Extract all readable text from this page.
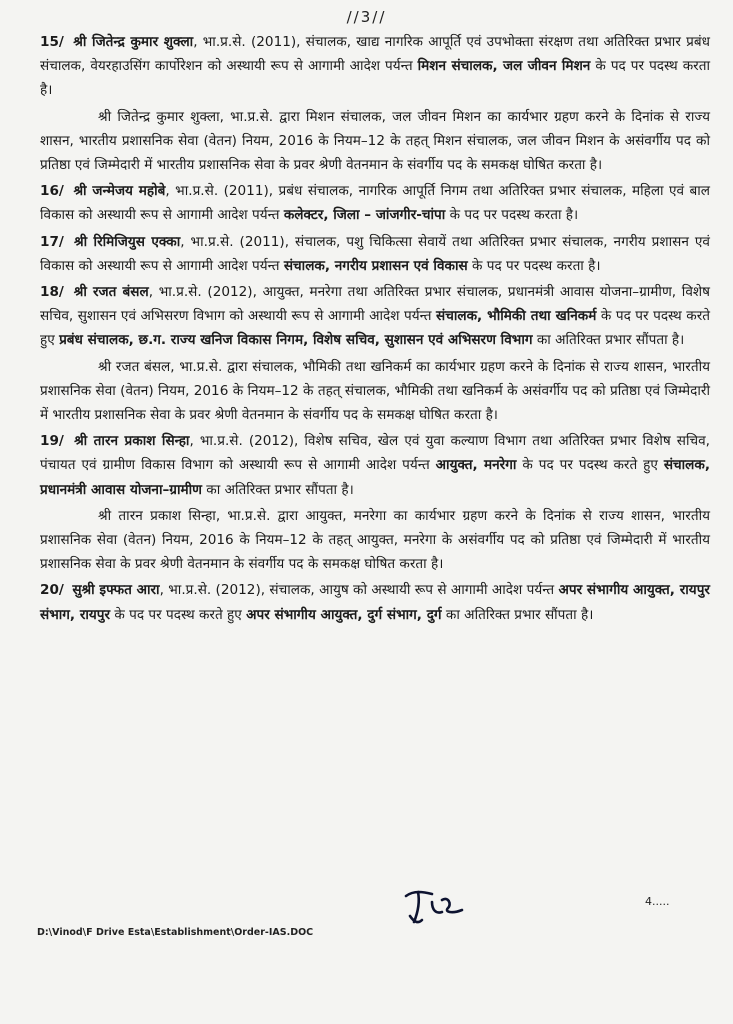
//3//

15/ श्री जितेन्द्र कुमार शुक्ला, भा.प्र.से. (2011), संचालक, खाद्य नागरिक आपूर्ति एवं उपभोक्ता संरक्षण तथा अतिरिक्त प्रभार प्रबंध संचालक, वेयरहाउसिंग कार्पोरेशन को अस्थायी रूप से आगामी आदेश पर्यन्त मिशन संचालक, जल जीवन मिशन के पद पर पदस्थ करता है।

श्री जितेन्द्र कुमार शुक्ला, भा.प्र.से. द्वारा मिशन संचालक, जल जीवन मिशन का कार्यभार ग्रहण करने के दिनांक से राज्य शासन, भारतीय प्रशासनिक सेवा (वेतन) नियम, 2016 के नियम–12 के तहत् मिशन संचालक, जल जीवन मिशन के असंवर्गीय पद को प्रतिष्ठा एवं जिम्मेदारी में भारतीय प्रशासनिक सेवा के प्रवर श्रेणी वेतनमान के संवर्गीय पद के समकक्ष घोषित करता है।

16/ श्री जन्मेजय महोबे, भा.प्र.से. (2011), प्रबंध संचालक, नागरिक आपूर्ति निगम तथा अतिरिक्त प्रभार संचालक, महिला एवं बाल विकास को अस्थायी रूप से आगामी आदेश पर्यन्त कलेक्टर, जिला – जांजगीर-चांपा के पद पर पदस्थ करता है।

17/ श्री रिमिजियुस एक्का, भा.प्र.से. (2011), संचालक, पशु चिकित्सा सेवायें तथा अतिरिक्त प्रभार संचालक, नगरीय प्रशासन एवं विकास को अस्थायी रूप से आगामी आदेश पर्यन्त संचालक, नगरीय प्रशासन एवं विकास के पद पर पदस्थ करता है।

18/ श्री रजत बंसल, भा.प्र.से. (2012), आयुक्त, मनरेगा तथा अतिरिक्त प्रभार संचालक, प्रधानमंत्री आवास योजना–ग्रामीण, विशेष सचिव, सुशासन एवं अभिसरण विभाग को अस्थायी रूप से आगामी आदेश पर्यन्त संचालक, भौमिकी तथा खनिकर्म के पद पर पदस्थ करते हुए प्रबंध संचालक, छ.ग. राज्य खनिज विकास निगम, विशेष सचिव, सुशासन एवं अभिसरण विभाग का अतिरिक्त प्रभार सौंपता है।

श्री रजत बंसल, भा.प्र.से. द्वारा संचालक, भौमिकी तथा खनिकर्म का कार्यभार ग्रहण करने के दिनांक से राज्य शासन, भारतीय प्रशासनिक सेवा (वेतन) नियम, 2016 के नियम–12 के तहत् संचालक, भौमिकी तथा खनिकर्म के असंवर्गीय पद को प्रतिष्ठा एवं जिम्मेदारी में भारतीय प्रशासनिक सेवा के प्रवर श्रेणी वेतनमान के संवर्गीय पद के समकक्ष घोषित करता है।

19/ श्री तारन प्रकाश सिन्हा, भा.प्र.से. (2012), विशेष सचिव, खेल एवं युवा कल्याण विभाग तथा अतिरिक्त प्रभार विशेष सचिव, पंचायत एवं ग्रामीण विकास विभाग को अस्थायी रूप से आगामी आदेश पर्यन्त आयुक्त, मनरेगा के पद पर पदस्थ करते हुए संचालक, प्रधानमंत्री आवास योजना–ग्रामीण का अतिरिक्त प्रभार सौंपता है।

श्री तारन प्रकाश सिन्हा, भा.प्र.से. द्वारा आयुक्त, मनरेगा का कार्यभार ग्रहण करने के दिनांक से राज्य शासन, भारतीय प्रशासनिक सेवा (वेतन) नियम, 2016 के नियम–12 के तहत् आयुक्त, मनरेगा के असंवर्गीय पद को प्रतिष्ठा एवं जिम्मेदारी में भारतीय प्रशासनिक सेवा के प्रवर श्रेणी वेतनमान के संवर्गीय पद के समकक्ष घोषित करता है।

20/ सुश्री इफ्फत आरा, भा.प्र.से. (2012), संचालक, आयुष को अस्थायी रूप से आगामी आदेश पर्यन्त अपर संभागीय आयुक्त, रायपुर संभाग, रायपुर के पद पर पदस्थ करते हुए अपर संभागीय आयुक्त, दुर्ग संभाग, दुर्ग का अतिरिक्त प्रभार सौंपता है।

4.....
D:\Vinod\F Drive Esta\Establishment\Order-IAS.DOC
